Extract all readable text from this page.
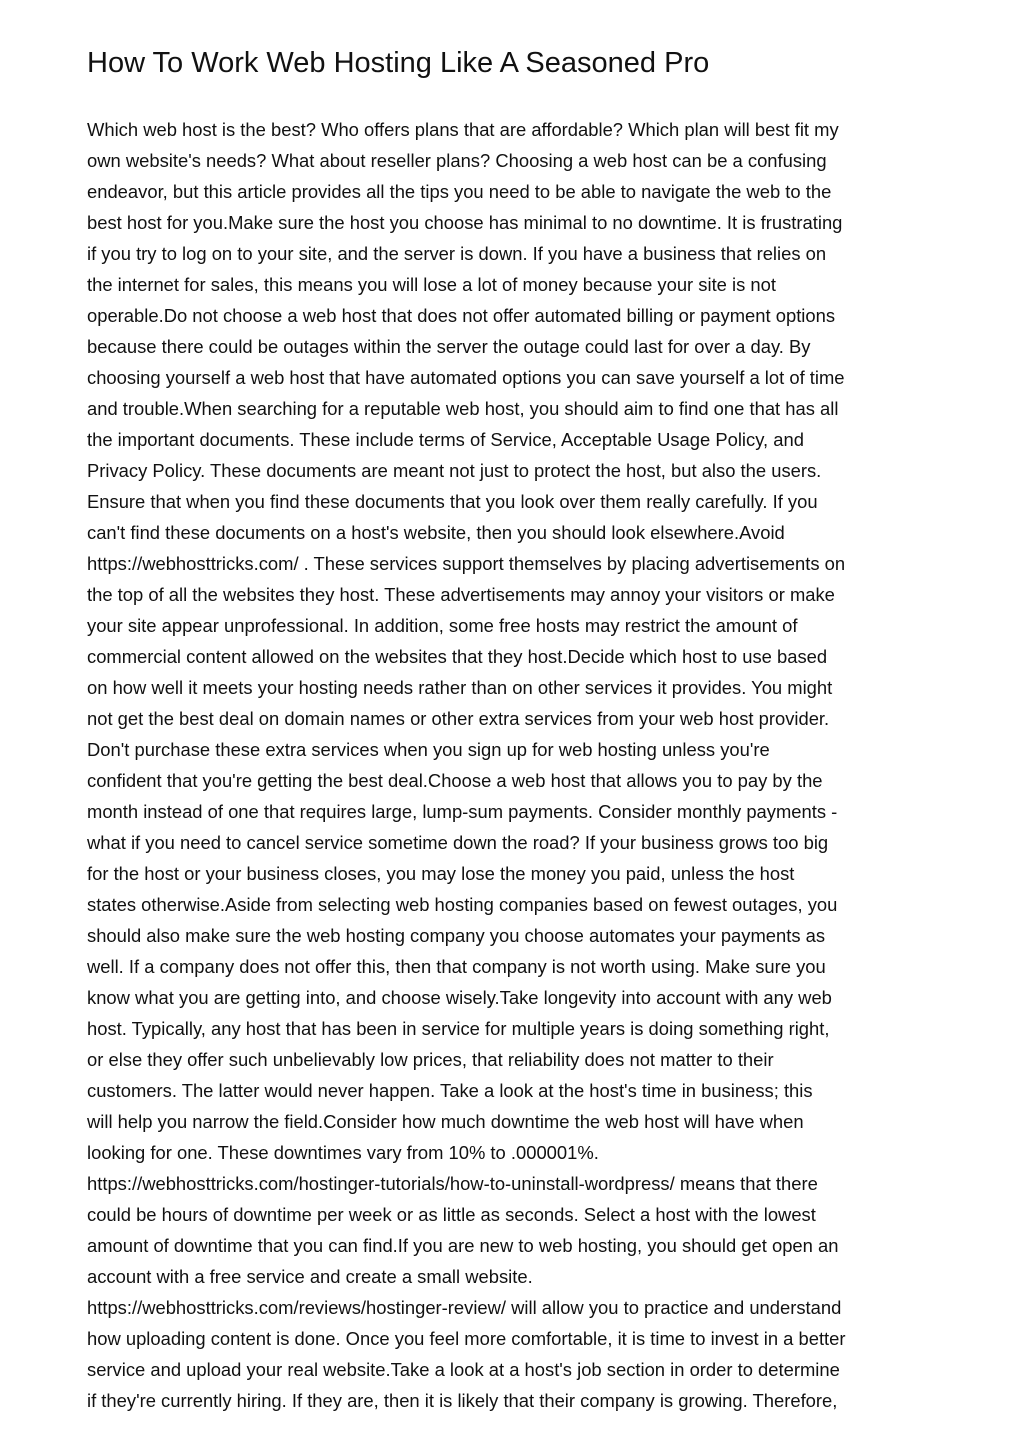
How To Work Web Hosting Like A Seasoned Pro
Which web host is the best? Who offers plans that are affordable? Which plan will best fit my
own website's needs? What about reseller plans? Choosing a web host can be a confusing
endeavor, but this article provides all the tips you need to be able to navigate the web to the
best host for you.Make sure the host you choose has minimal to no downtime. It is frustrating
if you try to log on to your site, and the server is down. If you have a business that relies on
the internet for sales, this means you will lose a lot of money because your site is not
operable.Do not choose a web host that does not offer automated billing or payment options
because there could be outages within the server the outage could last for over a day. By
choosing yourself a web host that have automated options you can save yourself a lot of time
and trouble.When searching for a reputable web host, you should aim to find one that has all
the important documents. These include terms of Service, Acceptable Usage Policy, and
Privacy Policy. These documents are meant not just to protect the host, but also the users.
Ensure that when you find these documents that you look over them really carefully. If you
can't find these documents on a host's website, then you should look elsewhere.Avoid
https://webhosttricks.com/ . These services support themselves by placing advertisements on
the top of all the websites they host. These advertisements may annoy your visitors or make
your site appear unprofessional. In addition, some free hosts may restrict the amount of
commercial content allowed on the websites that they host.Decide which host to use based
on how well it meets your hosting needs rather than on other services it provides. You might
not get the best deal on domain names or other extra services from your web host provider.
Don't purchase these extra services when you sign up for web hosting unless you're
confident that you're getting the best deal.Choose a web host that allows you to pay by the
month instead of one that requires large, lump-sum payments. Consider monthly payments -
what if you need to cancel service sometime down the road? If your business grows too big
for the host or your business closes, you may lose the money you paid, unless the host
states otherwise.Aside from selecting web hosting companies based on fewest outages, you
should also make sure the web hosting company you choose automates your payments as
well. If a company does not offer this, then that company is not worth using. Make sure you
know what you are getting into, and choose wisely.Take longevity into account with any web
host. Typically, any host that has been in service for multiple years is doing something right,
or else they offer such unbelievably low prices, that reliability does not matter to their
customers. The latter would never happen. Take a look at the host's time in business; this
will help you narrow the field.Consider how much downtime the web host will have when
looking for one. These downtimes vary from 10% to .000001%.
https://webhosttricks.com/hostinger-tutorials/how-to-uninstall-wordpress/ means that there
could be hours of downtime per week or as little as seconds. Select a host with the lowest
amount of downtime that you can find.If you are new to web hosting, you should get open an
account with a free service and create a small website.
https://webhosttricks.com/reviews/hostinger-review/ will allow you to practice and understand
how uploading content is done. Once you feel more comfortable, it is time to invest in a better
service and upload your real website.Take a look at a host's job section in order to determine
if they're currently hiring. If they are, then it is likely that their company is growing. Therefore,
